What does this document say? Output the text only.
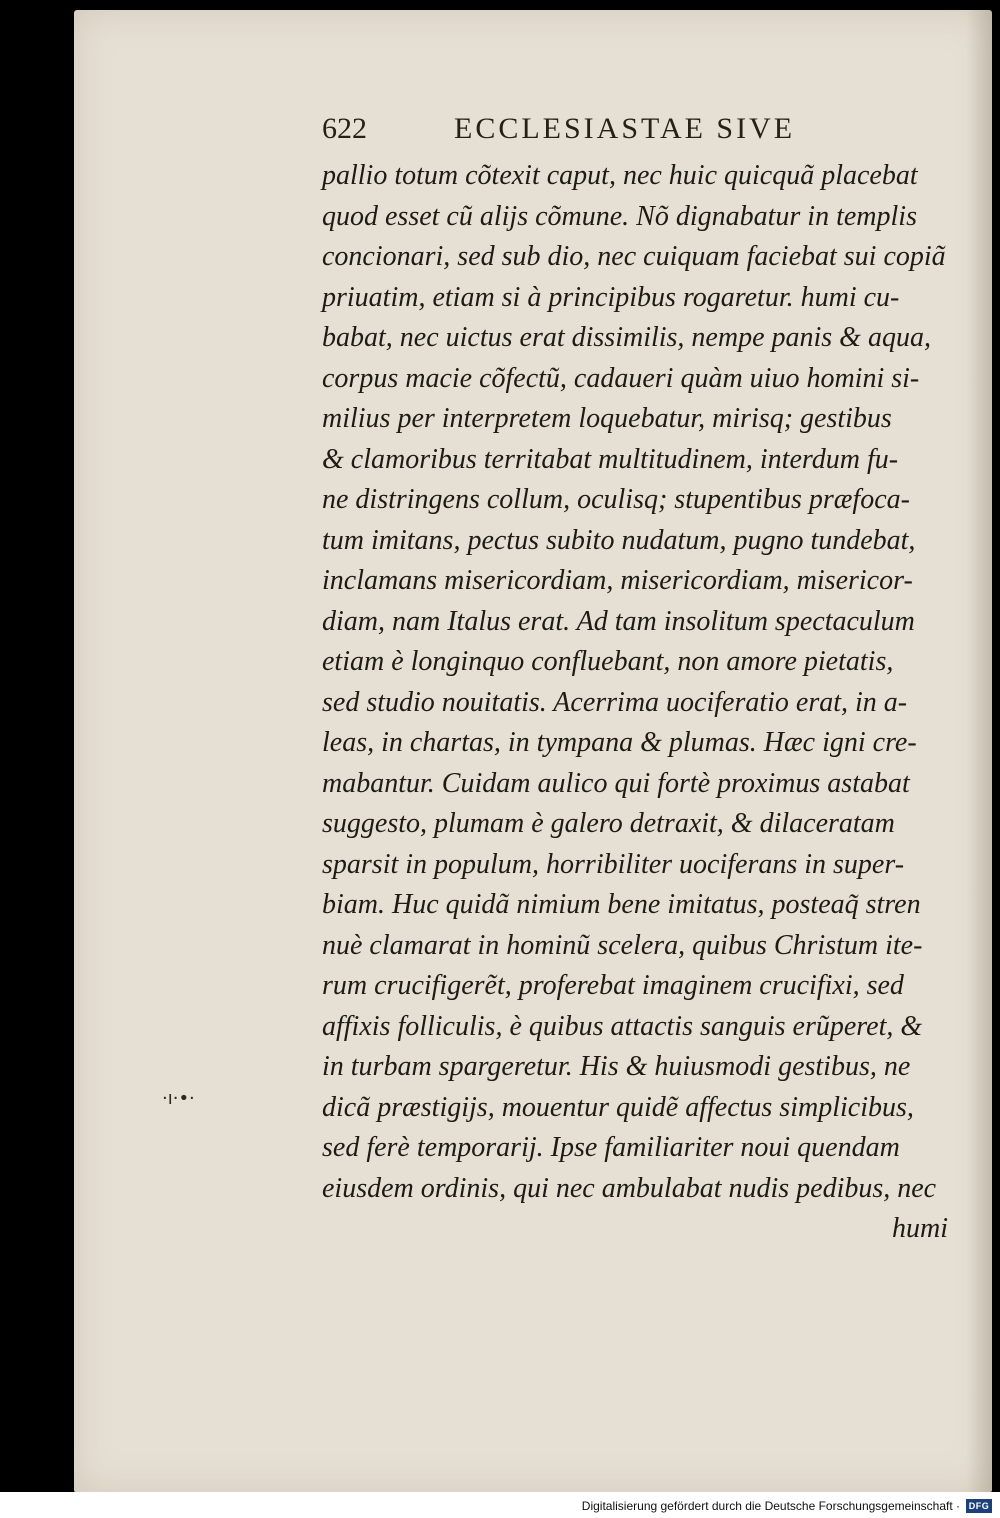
622	ECCLESIASTAE SIVE
pallio totum cõtexit caput, nec huic quicquã placebat
quod esset cũ alijs cõmune. Nõ dignabatur in templis
concionari, sed sub dio, nec cuiquam faciebat sui copiã
priuatim, etiam si à principibus rogaretur. humi cu-
babat, nec uictus erat dissimilis, nempe panis & aqua,
corpus macie cõfectũ, cadaueri quàm uiuo homini si-
milius per interpretem loquebatur, mirisq; gestibus
& clamoribus territabat multitudinem, interdum fu-
ne distringens collum, oculisq; stupentibus præfoca-
tum imitans, pectus subito nudatum, pugno tundebat,
inclamans misericordiam, misericordiam, misericor-
diam, nam Italus erat. Ad tam insolitum spectaculum
etiam è longinquo confluebant, non amore pietatis,
sed studio nouitatis. Acerrima uociferatio erat, in a-
leas, in chartas, in tympana & plumas. Hæc igni cre-
mabantur. Cuidam aulico qui fortè proximus astabat
suggesto, plumam è galero detraxit, & dilaceratam
sparsit in populum, horribiliter uociferans in super-
biam. Huc quidã nimium bene imitatus, posteaq̃ stren
nuè clamarat in hominũ scelera, quibus Christum ite-
rum crucifigerẽt, proferebat imaginem crucifixi, sed
affixis folliculis, è quibus attactis sanguis erũperet, &
in turbam spargeretur. His & huiusmodi gestibus, ne
dicã præstigijs, mouentur quidẽ affectus simplicibus,
sed ferè temporarij. Ipse familiariter noui quendam
eiusdem ordinis, qui nec ambulabat nudis pedibus, nec
humi
·ı·•·
Digitalisierung gefördert durch die Deutsche Forschungsgemeinschaft · DFG
